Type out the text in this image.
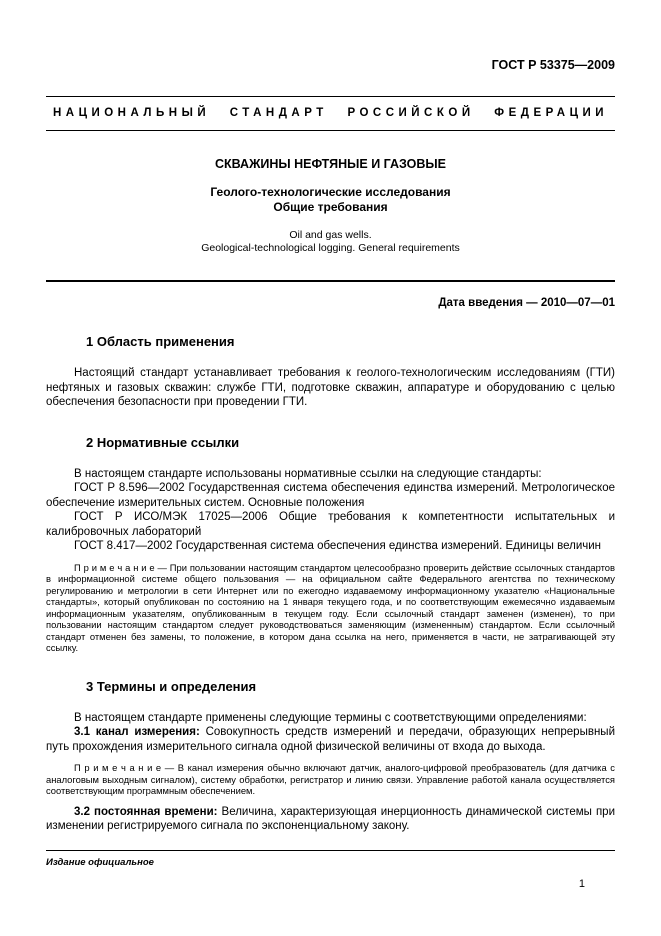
ГОСТ Р 53375—2009
НАЦИОНАЛЬНЫЙ СТАНДАРТ РОССИЙСКОЙ ФЕДЕРАЦИИ
СКВАЖИНЫ НЕФТЯНЫЕ И ГАЗОВЫЕ
Геолого-технологические исследования
Общие требования
Oil and gas wells.
Geological-technological logging. General requirements
Дата введения — 2010—07—01
1 Область применения

Настоящий стандарт устанавливает требования к геолого-технологическим исследованиям (ГТИ) нефтяных и газовых скважин: службе ГТИ, подготовке скважин, аппаратуре и оборудованию с целью обеспечения безопасности при проведении ГТИ.

2 Нормативные ссылки

В настоящем стандарте использованы нормативные ссылки на следующие стандарты:

ГОСТ Р 8.596—2002 Государственная система обеспечения единства измерений. Метрологическое обеспечение измерительных систем. Основные положения

ГОСТ Р ИСО/МЭК 17025—2006 Общие требования к компетентности испытательных и калибровочных лабораторий

ГОСТ 8.417—2002 Государственная система обеспечения единства измерений. Единицы величин

П р и м е ч а н и е — При пользовании настоящим стандартом целесообразно проверить действие ссылочных стандартов в информационной системе общего пользования — на официальном сайте Федерального агентства по техническому регулированию и метрологии в сети Интернет или по ежегодно издаваемому информационному указателю «Национальные стандарты», который опубликован по состоянию на 1 января текущего года, и по соответствующим ежемесячно издаваемым информационным указателям, опубликованным в текущем году. Если ссылочный стандарт заменен (изменен), то при пользовании настоящим стандартом следует руководствоваться заменяющим (измененным) стандартом. Если ссылочный стандарт отменен без замены, то положение, в котором дана ссылка на него, применяется в части, не затрагивающей эту ссылку.

3 Термины и определения

В настоящем стандарте применены следующие термины с соответствующими определениями:

3.1 канал измерения: Совокупность средств измерений и передачи, образующих непрерывный путь прохождения измерительного сигнала одной физической величины от входа до выхода.

П р и м е ч а н и е — В канал измерения обычно включают датчик, аналого-цифровой преобразователь (для датчика с аналоговым выходным сигналом), систему обработки, регистратор и линию связи. Управление работой канала осуществляется соответствующим программным обеспечением.

3.2 постоянная времени: Величина, характеризующая инерционность динамической системы при изменении регистрируемого сигнала по экспоненциальному закону.

Издание официальное
1
